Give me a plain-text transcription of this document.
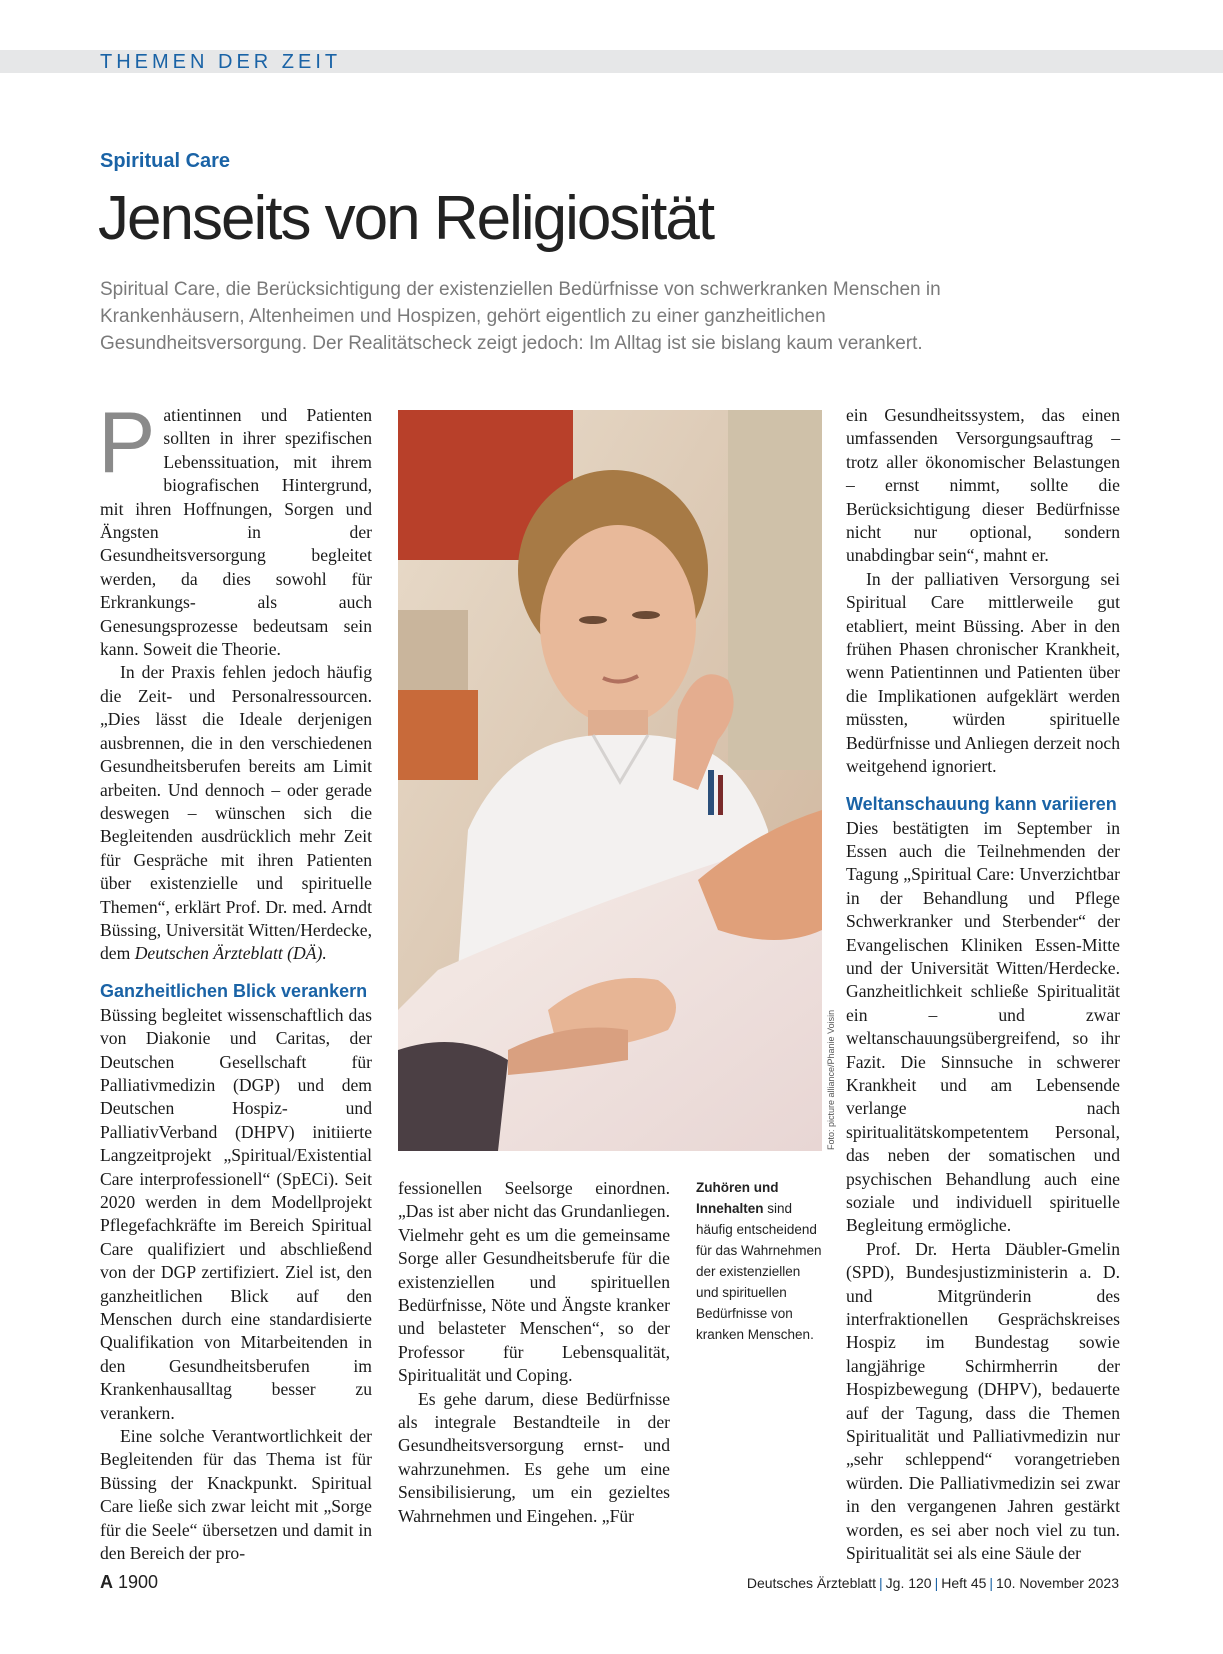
THEMEN DER ZEIT
Spiritual Care
Jenseits von Religiosität

Spiritual Care, die Berücksichtigung der existenziellen Bedürfnisse von schwerkranken Menschen in Krankenhäusern, Altenheimen und Hospizen, gehört eigentlich zu einer ganzheitlichen Gesundheitsversorgung. Der Realitätscheck zeigt jedoch: Im Alltag ist sie bislang kaum verankert.

Patientinnen und Patienten sollten in ihrer spezifischen Lebenssituation, mit ihrem biografischen Hintergrund, mit ihren Hoffnungen, Sorgen und Ängsten in der Gesundheitsversorgung begleitet werden, da dies sowohl für Erkrankungs- als auch Genesungsprozesse bedeutsam sein kann. Soweit die Theorie.

In der Praxis fehlen jedoch häufig die Zeit- und Personalressourcen. „Dies lässt die Ideale derjenigen ausbrennen, die in den verschiedenen Gesundheitsberufen bereits am Limit arbeiten. Und dennoch – oder gerade deswegen – wünschen sich die Begleitenden ausdrücklich mehr Zeit für Gespräche mit ihren Patienten über existenzielle und spirituelle Themen“, erklärt Prof. Dr. med. Arndt Büssing, Universität Witten/Herdecke, dem Deutschen Ärzteblatt (DÄ).

Ganzheitlichen Blick verankern

Büssing begleitet wissenschaftlich das von Diakonie und Caritas, der Deutschen Gesellschaft für Palliativmedizin (DGP) und dem Deutschen Hospiz- und PalliativVerband (DHPV) initiierte Langzeitprojekt „Spiritual/Existential Care interprofessionell“ (SpECi). Seit 2020 werden in dem Modellprojekt Pflegefachkräfte im Bereich Spiritual Care qualifiziert und abschließend von der DGP zertifiziert. Ziel ist, den ganzheitlichen Blick auf den Menschen durch eine standardisierte Qualifikation von Mitarbeitenden in den Gesundheitsberufen im Krankenhausalltag besser zu verankern.

Eine solche Verantwortlichkeit der Begleitenden für das Thema ist für Büssing der Knackpunkt. Spiritual Care ließe sich zwar leicht mit „Sorge für die Seele“ übersetzen und damit in den Bereich der pro-

Foto: picture alliance/Phanie Voisin

fessionellen Seelsorge einordnen. „Das ist aber nicht das Grundanliegen. Vielmehr geht es um die gemeinsame Sorge aller Gesundheitsberufe für die existenziellen und spirituellen Bedürfnisse, Nöte und Ängste kranker und belasteter Menschen“, so der Professor für Lebensqualität, Spiritualität und Coping.

Es gehe darum, diese Bedürfnisse als integrale Bestandteile in der Gesundheitsversorgung ernst- und wahrzunehmen. Es gehe um eine Sensibilisierung, um ein gezieltes Wahrnehmen und Eingehen. „Für

Zuhören und Innehalten sind häufig entscheidend für das Wahrnehmen der existenziellen und spirituellen Bedürfnisse von kranken Menschen.

ein Gesundheitssystem, das einen umfassenden Versorgungsauftrag – trotz aller ökonomischer Belastungen – ernst nimmt, sollte die Berücksichtigung dieser Bedürfnisse nicht nur optional, sondern unabdingbar sein“, mahnt er.

In der palliativen Versorgung sei Spiritual Care mittlerweile gut etabliert, meint Büssing. Aber in den frühen Phasen chronischer Krankheit, wenn Patientinnen und Patienten über die Implikationen aufgeklärt werden müssten, würden spirituelle Bedürfnisse und Anliegen derzeit noch weitgehend ignoriert.

Weltanschauung kann variieren

Dies bestätigten im September in Essen auch die Teilnehmenden der Tagung „Spiritual Care: Unverzichtbar in der Behandlung und Pflege Schwerkranker und Sterbender“ der Evangelischen Kliniken Essen-Mitte und der Universität Witten/Herdecke. Ganzheitlichkeit schließe Spiritualität ein – und zwar weltanschauungsübergreifend, so ihr Fazit. Die Sinnsuche in schwerer Krankheit und am Lebensende verlange nach spiritualitätskompetentem Personal, das neben der somatischen und psychischen Behandlung auch eine soziale und individuell spirituelle Begleitung ermögliche.

Prof. Dr. Herta Däubler-Gmelin (SPD), Bundesjustizministerin a. D. und Mitgründerin des interfraktionellen Gesprächskreises Hospiz im Bundestag sowie langjährige Schirmherrin der Hospizbewegung (DHPV), bedauerte auf der Tagung, dass die Themen Spiritualität und Palliativmedizin nur „sehr schleppend“ vorangetrieben würden. Die Palliativmedizin sei zwar in den vergangenen Jahren gestärkt worden, es sei aber noch viel zu tun. Spiritualität sei als eine Säule der

A 1900	Deutsches Ärzteblatt | Jg. 120 | Heft 45 | 10. November 2023
